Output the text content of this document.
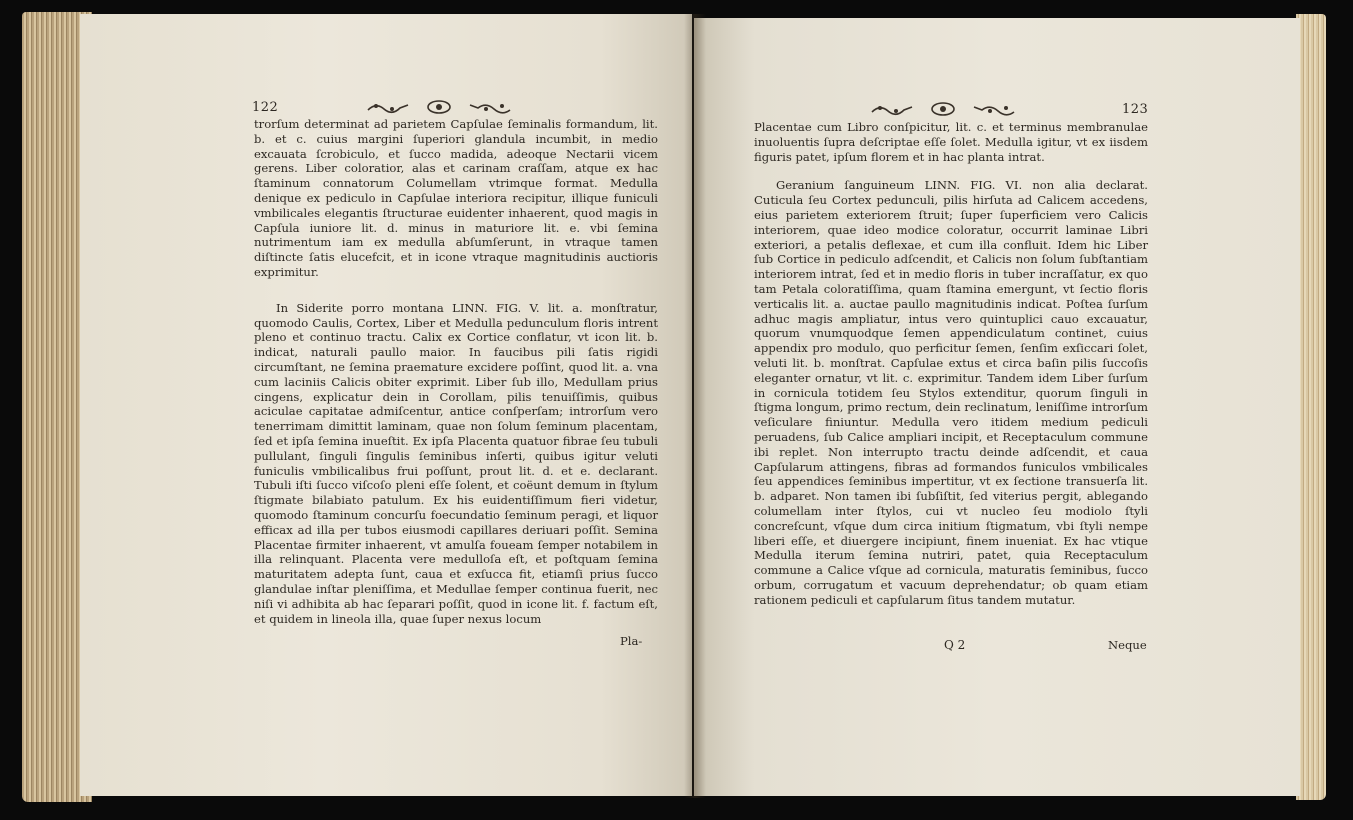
122

trorſum determinat ad parietem Capſulae ſeminalis formandum, lit. b. et c. cuius margini ſuperiori glandula incumbit, in medio excauata ſcrobiculo, et ſucco madida, adeoque Nectarii vicem gerens. Liber coloratior, alas et carinam craſſam, atque ex hac ſtaminum connatorum Columellam vtrimque format. Medulla denique ex pediculo in Capſulae interiora recipitur, illique funiculi vmbilicales elegantis ſtructurae euidenter inhaerent, quod magis in Capſula iuniore lit. d. minus in maturiore lit. e. vbi ſemina nutrimentum iam ex medulla abſumſerunt, in vtraque tamen diſtincte ſatis elucefcit, et in icone vtraque magnitudinis auctioris exprimitur.

In Siderite porro montana LINN. FIG. V. lit. a. monſtratur, quomodo Caulis, Cortex, Liber et Medulla pedunculum floris intrent pleno et continuo tractu. Calix ex Cortice conflatur, vt icon lit. b. indicat, naturali paullo maior. In faucibus pili ſatis rigidi circumſtant, ne ſemina praemature excidere poſſint, quod lit. a. vna cum laciniis Calicis obiter exprimit. Liber ſub illo, Medullam prius cingens, explicatur dein in Corollam, pilis tenuiſſimis, quibus aciculae capitatae admiſcentur, antice conſperſam; introrſum vero tenerrimam dimittit laminam, quae non ſolum ſeminum placentam, ſed et ipſa ſemina inueſtit. Ex ipſa Placenta quatuor fibrae ſeu tubuli pullulant, ſinguli ſingulis ſeminibus inſerti, quibus igitur veluti funiculis vmbilicalibus frui poſſunt, prout lit. d. et e. declarant. Tubuli iſti ſucco viſcoſo pleni eſſe ſolent, et coëunt demum in ſtylum ſtigmate bilabiato patulum. Ex his euidentiſſimum fieri videtur, quomodo ſtaminum concurſu foecundatio ſeminum peragi, et liquor efficax ad illa per tubos eiusmodi capillares deriuari poſſit. Semina Placentae firmiter inhaerent, vt amulſa foueam ſemper notabilem in illa relinquant. Placenta vere medulloſa eſt, et poſtquam ſemina maturitatem adepta ſunt, caua et exſucca fit, etiamſi prius ſucco glandulae inſtar pleniſſima, et Medullae ſemper continua fuerit, nec niſi vi adhibita ab hac ſeparari poſſit, quod in icone lit. f. factum eſt, et quidem in lineola illa, quae ſuper nexus locum

Pla-
123

Placentae cum Libro conſpicitur, lit. c. et terminus membranulae inuoluentis ſupra deſcriptae eſſe ſolet. Medulla igitur, vt ex iisdem figuris patet, ipſum florem et in hac planta intrat.

Geranium ſanguineum LINN. FIG. VI. non alia declarat. Cuticula ſeu Cortex pedunculi, pilis hirſuta ad Calicem accedens, eius parietem exteriorem ſtruit; ſuper ſuperficiem vero Calicis interiorem, quae ideo modice coloratur, occurrit laminae Libri exteriori, a petalis deflexae, et cum illa confluit. Idem hic Liber ſub Cortice in pediculo adſcendit, et Calicis non ſolum ſubſtantiam interiorem intrat, ſed et in medio floris in tuber incraſſatur, ex quo tam Petala coloratiſſima, quam ſtamina emergunt, vt ſectio floris verticalis lit. a. auctae paullo magnitudinis indicat. Poſtea ſurſum adhuc magis ampliatur, intus vero quintuplici cauo excauatur, quorum vnumquodque ſemen appendiculatum continet, cuius appendix pro modulo, quo perficitur ſemen, ſenſim exſiccari ſolet, veluti lit. b. monſtrat. Capſulae extus et circa baſin pilis ſuccoſis eleganter ornatur, vt lit. c. exprimitur. Tandem idem Liber ſurſum in cornicula totidem ſeu Stylos extenditur, quorum ſinguli in ſtigma longum, primo rectum, dein reclinatum, leniſſime introrſum veſiculare finiuntur. Medulla vero itidem medium pediculi peruadens, ſub Calice ampliari incipit, et Receptaculum commune ibi replet. Non interrupto tractu deinde adſcendit, et caua Capſularum attingens, fibras ad formandos funiculos vmbilicales ſeu appendices ſeminibus impertitur, vt ex ſectione transuerſa lit. b. adparet. Non tamen ibi ſubſiſtit, ſed viterius pergit, ablegando columellam inter ſtylos, cui vt nucleo ſeu modiolo ſtyli concreſcunt, vſque dum circa initium ſtigmatum, vbi ſtyli nempe liberi eſſe, et diuergere incipiunt, finem inueniat. Ex hac vtique Medulla iterum ſemina nutriri, patet, quia Receptaculum commune a Calice vſque ad cornicula, maturatis ſeminibus, ſucco orbum, corrugatum et vacuum deprehendatur; ob quam etiam rationem pediculi et capſularum ſitus tandem mutatur.

Q 2	Neque
